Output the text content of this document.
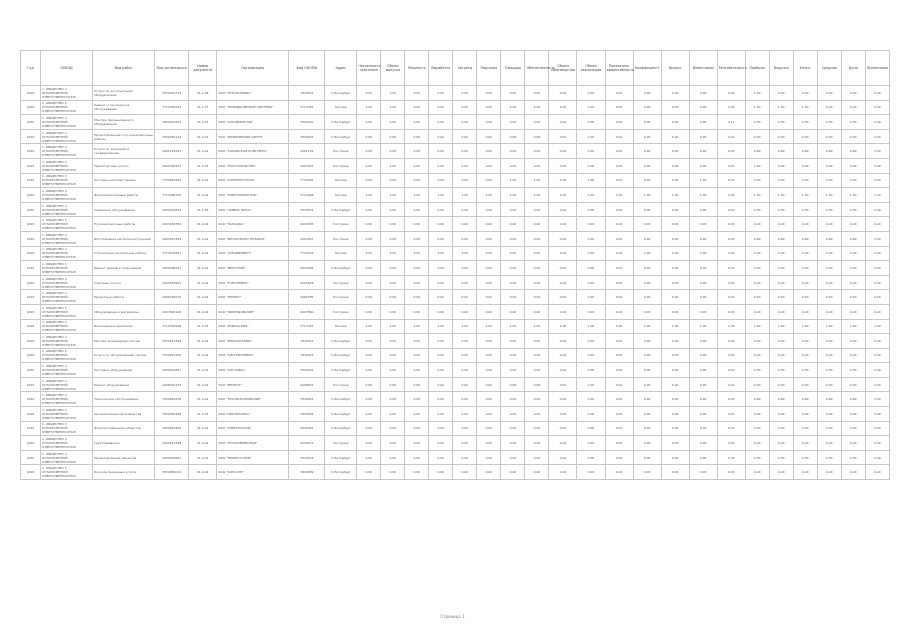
Год	ОКВЭД	Вид работ	Код организации	Номер документа	Организация	Вид ОКОПФ	Адрес	Численность персонала	Объем выпуска	Мощность	Выработка	Затраты	Персонал	Площадь	Обеспеченность	Объем производства	Объем реализации	Показатель эффективности	Коэффициент	Выпуск	Инвестиции	Рентабельность	Прибыль	Выручка	Итоги	Средняя	Доля	Примечание
2016	1. ОБЩЕСТВО С ОГРАНИЧЕННОЙ ОТВЕТСТВЕННОСТЬЮ	Услуги по эксплуатации оборудования	7830001719	01.1.06	ООО "ТЕХНОСЕРВИС"	7830001	С-Петербург	0,00	1,00	0,00	0,00	0,00	0,00	0,00	0,00	0,00	0,00	0,00	0,00	0,00	0,00	0,00	1,00	0,00	0,00	0,00	0,00	0,00
2016	1. ОБЩЕСТВО С ОГРАНИЧЕННОЙ ОТВЕТСТВЕННОСТЬЮ	Ремонт и техническое обслуживание	7712345672	01.1.07	ООО "ПРОМЫШЛЕННЫЕ СИСТЕМЫ"	7712345	Москва	1,00	1,00	0,00	0,00	0,00	0,00	2,00	2,00	2,00	2,00	0,00	0,00	0,00	0,00	1,00	1,00	1,00	1,00	0,00	0,00	0,00
2016	1. ОБЩЕСТВО С ОГРАНИЧЕННОЙ ОТВЕТСТВЕННОСТЬЮ	Монтаж промышленного оборудования	7820010412	01.4.01	ООО "СТРОЙМОНТАЖ"	7820010	С-Петербург	0,00	0,00	0,00	0,00	0,00	0,00	0,00	0,00	0,00	0,00	0,00	0,00	0,00	0,00	0,11	0,00	0,00	0,00	0,00	0,00	0,00
2016	1. ОБЩЕСТВО С ОГРАНИЧЕННОЙ ОТВЕТСТВЕННОСТЬЮ	Проектирование и пусконаладочные работы	7830055124	01.4.01	ООО "ИНЖЕНЕРНЫЙ ЦЕНТР"	7830055	С-Петербург	0,00	0,00	0,00	0,00	0,00	0,00	0,00	0,00	0,00	0,00	0,00	0,00	0,00	0,00	0,00	0,00	0,00	0,00	0,00	0,00	0,00
2015	1. ОБЩЕСТВО С ОГРАНИЧЕННОЙ ОТВЕТСТВЕННОСТЬЮ	Услуги по хранению и складированию	4401234561	01.4.02	ООО "СКЛАДСКОЙ КОМПЛЕКС"	4401234	Кострома	0,00	0,00	0,00	0,00	0,00	0,00	0,00	0,00	0,00	0,00	0,00	0,00	0,00	0,00	0,00	0,00	0,00	0,00	0,00	0,00	0,00
2015	1. ОБЩЕСТВО С ОГРАНИЧЕННОЙ ОТВЕТСТВЕННОСТЬЮ	Транспортные услуги	4402345673	01.4.02	ООО "ТРАНСЛОГИСТИК"	4402345	Кострома	0,00	1,00	0,00	0,00	0,00	0,00	0,00	0,00	0,00	0,00	0,00	0,00	0,00	0,00	0,00	1,00	0,00	0,00	0,00	0,00	0,00
2016	1. ОБЩЕСТВО С ОГРАНИЧЕННОЙ ОТВЕТСТВЕННОСТЬЮ	Поставка комплектующих	7720087654	01.4.01	ООО "КОМПЛЕКТСНАБ"	7720087	Москва	0,00	0,00	0,00	0,00	0,00	0,00	2,00	2,00	2,00	2,00	0,00	0,00	0,00	1,00	0,00	0,00	0,00	0,00	0,00	0,00	0,00
2015	1. ОБЩЕСТВО С ОГРАНИЧЕННОЙ ОТВЕТСТВЕННОСТЬЮ	Электромонтажные работы	7712098765	01.4.02	ООО "ЭЛЕКТРОМОНТАЖ"	7712098	Москва	1,00	1,00	1,00	1,00	1,00	1,00	1,00	1,00	1,00	1,00	1,00	1,00	1,00	1,00	1,00	1,00	1,00	1,00	1,00	1,00	1,00
2016	1. ОБЩЕСТВО С ОГРАНИЧЕННОЙ ОТВЕТСТВЕННОСТЬЮ	Сервисное обслуживание	7830076543	01.1.06	ООО "СЕРВИС ПЛЮС"	7830076	С-Петербург	0,00	0,00	0,00	0,00	0,00	0,00	0,00	0,00	0,00	0,00	0,00	0,00	0,00	0,00	0,00	0,00	0,00	0,00	0,00	0,00	0,00
2015	1. ОБЩЕСТВО С ОГРАНИЧЕННОЙ ОТВЕТСТВЕННОСТЬЮ	Пусконаладочные работы	4403456782	01.4.02	ООО "НАЛАДКА"	4403456	Кострома	0,00	0,00	0,00	0,00	0,00	0,00	0,00	0,00	0,00	0,00	0,00	0,00	0,00	0,00	0,00	0,00	0,00	0,00	0,00	0,00	0,00
2015	1. ОБЩЕСТВО С ОГРАНИЧЕННОЙ ОТВЕТСТВЕННОСТЬЮ	Изготовление металлоконструкций	4404567893	01.4.02	ООО "МЕТАЛЛКОНСТРУКЦИЯ"	4404567	Кострома	0,00	0,00	0,00	0,00	0,00	0,00	0,00	0,00	0,00	0,00	0,00	0,00	0,00	0,00	0,00	0,00	0,00	0,00	0,00	0,00	0,00
2016	1. ОБЩЕСТВО С ОГРАНИЧЕННОЙ ОТВЕТСТВЕННОСТЬЮ	Строительно-монтажные работы	7710234567	01.4.01	ООО "СТРОЙИНВЕСТ"	7710234	Москва	2,00	2,00	2,00	2,00	2,00	2,00	2,00	2,00	2,00	2,00	2,00	2,00	2,00	2,00	2,00	2,00	2,00	2,00	2,00	2,00	2,00
2016	1. ОБЩЕСТВО С ОГРАНИЧЕННОЙ ОТВЕТСТВЕННОСТЬЮ	Ремонт зданий и сооружений	7830098761	01.4.01	ООО "РЕМСТРОЙ"	7830098	С-Петербург	0,00	0,00	0,00	0,00	0,00	0,00	0,00	0,00	0,00	0,00	0,00	0,00	0,00	0,00	0,00	0,00	0,00	0,00	0,00	0,00	0,00
2015	1. ОБЩЕСТВО С ОГРАНИЧЕННОЙ ОТВЕТСТВЕННОСТЬЮ	Торговые услуги	4405678904	01.4.02	ООО "ТОРГСЕРВИС"	4405678	Кострома	0,00	0,00	0,00	0,00	0,00	0,00	0,00	0,00	0,00	0,00	0,00	0,00	0,00	0,00	0,00	0,00	0,00	0,00	0,00	0,00	0,00
2015	1. ОБЩЕСТВО С ОГРАНИЧЕННОЙ ОТВЕТСТВЕННОСТЬЮ	Проектные работы	4406789015	01.4.02	ООО "ПРОЕКТ"	4406789	Кострома	0,00	0,00	0,00	0,00	0,00	0,00	0,00	0,00	0,00	0,00	0,00	0,00	0,00	0,00	0,00	0,00	0,00	0,00	0,00	0,00	0,00
2015	1. ОБЩЕСТВО С ОГРАНИЧЕННОЙ ОТВЕТСТВЕННОСТЬЮ	Оборудование и материалы	4407890126	01.4.02	ООО "ОБОРУДОВАНИЕ"	4407890	Кострома	0,00	0,00	0,00	0,00	0,00	0,00	0,00	0,00	0,00	0,00	0,00	0,00	0,00	0,00	0,00	0,00	0,00	0,00	0,00	0,00	0,00
2016	1. ОБЩЕСТВО С ОГРАНИЧЕННОЙ ОТВЕТСТВЕННОСТЬЮ	Инженерные изыскания	7712345098	01.4.02	ООО "ИЗЫСКАНИЯ"	7712345	Москва	1,00	1,00	1,00	1,00	1,00	1,00	1,00	1,00	1,00	1,00	1,00	1,00	1,00	1,00	1,00	1,00	1,00	1,00	1,00	1,00	1,00
2016	1. ОБЩЕСТВО С ОГРАНИЧЕННОЙ ОТВЕТСТВЕННОСТЬЮ	Монтаж инженерных систем	7830012349	01.4.02	ООО "ИНЖСИСТЕМЫ"	7830012	С-Петербург	0,00	0,00	0,00	0,00	0,00	0,00	0,00	0,00	0,00	0,00	0,00	0,00	0,00	0,00	0,00	0,00	0,00	0,00	0,00	0,00	0,00
2016	1. ОБЩЕСТВО С ОГРАНИЧЕННОЙ ОТВЕТСТВЕННОСТЬЮ	Услуги по обслуживанию систем	7830023456	01.4.02	ООО "СИСТЕМСЕРВИС"	7830023	С-Петербург	0,00	0,00	0,00	0,00	0,00	0,00	0,00	0,00	0,00	0,00	0,00	0,00	0,00	0,00	0,00	0,00	0,00	0,00	0,00	0,00	0,00
2016	1. ОБЩЕСТВО С ОГРАНИЧЕННОЙ ОТВЕТСТВЕННОСТЬЮ	Поставка оборудования	7830034567	01.4.02	ООО "ПОСТАВКА"	7830034	С-Петербург	0,00	0,00	0,00	0,00	0,00	0,00	0,00	0,00	0,00	0,00	0,00	0,00	0,00	0,00	0,00	0,00	0,00	0,00	0,00	0,00	0,00
2015	1. ОБЩЕСТВО С ОГРАНИЧЕННОЙ ОТВЕТСТВЕННОСТЬЮ	Ремонт оборудования	4408901237	01.4.02	ООО "РЕМОНТ"	4408901	Кострома	0,00	0,00	0,00	0,00	0,00	0,00	0,00	0,00	0,00	0,00	0,00	0,00	0,00	0,00	0,00	0,00	0,00	0,00	0,00	0,00	0,00
2016	1. ОБЩЕСТВО С ОГРАНИЧЕННОЙ ОТВЕТСТВЕННОСТЬЮ	Техническое обслуживание	7830045678	01.4.02	ООО "ТЕХОБСЛУЖИВАНИЕ"	7830045	С-Петербург	0,00	0,00	0,00	0,00	0,00	0,00	0,00	0,00	0,00	0,00	0,00	0,00	0,00	0,00	0,00	0,00	0,00	0,00	0,00	0,00	0,00
2016	1. ОБЩЕСТВО С ОГРАНИЧЕННОЙ ОТВЕТСТВЕННОСТЬЮ	Автоматизация производства	7830056789	01.4.02	ООО "АВТОМАТИКА"	7830056	С-Петербург	0,00	0,00	0,00	0,00	0,00	0,00	0,00	0,00	0,00	0,00	0,00	0,00	0,00	0,00	0,00	0,00	0,00	0,00	0,00	0,00	0,00
2016	1. ОБЩЕСТВО С ОГРАНИЧЕННОЙ ОТВЕТСТВЕННОСТЬЮ	Электроснабжение объектов	7830067890	01.4.02	ООО "ЭЛЕКТРОСНАБ"	7830067	С-Петербург	0,00	0,00	0,00	0,00	0,00	0,00	0,00	0,00	0,00	0,00	0,00	0,00	0,00	0,00	0,00	0,00	0,00	0,00	0,00	0,00	0,00
2015	1. ОБЩЕСТВО С ОГРАНИЧЕННОЙ ОТВЕТСТВЕННОСТЬЮ	Грузоперевозки	4409012348	01.4.02	ООО "ГРУЗОПЕРЕВОЗКИ"	4409012	Кострома	0,00	0,00	0,00	0,00	0,00	0,00	0,00	0,00	0,00	0,00	0,00	0,00	0,00	0,00	0,00	0,00	0,00	0,00	0,00	0,00	0,00
2016	1. ОБЩЕСТВО С ОГРАНИЧЕННОЙ ОТВЕТСТВЕННОСТЬЮ	Проектирование объектов	7830078901	01.4.02	ООО "ПРОЕКТСТРОЙ"	7830078	С-Петербург	0,00	0,00	0,00	0,00	0,00	0,00	0,00	0,00	0,00	0,00	0,00	0,00	0,00	0,00	1,00	0,00	0,00	0,00	0,00	0,00	0,00
2016	1. ОБЩЕСТВО С ОГРАНИЧЕННОЙ ОТВЕТСТВЕННОСТЬЮ	Консультационные услуги	7830089012	01.4.02	ООО "КОНСАЛТ"	7830089	С-Петербург	0,00	0,00	0,00	0,00	0,00	0,00	0,00	0,00	0,00	0,00	0,00	0,00	0,00	0,00	0,00	0,00	0,00	0,00	0,00	0,00	0,00
Страница 1
